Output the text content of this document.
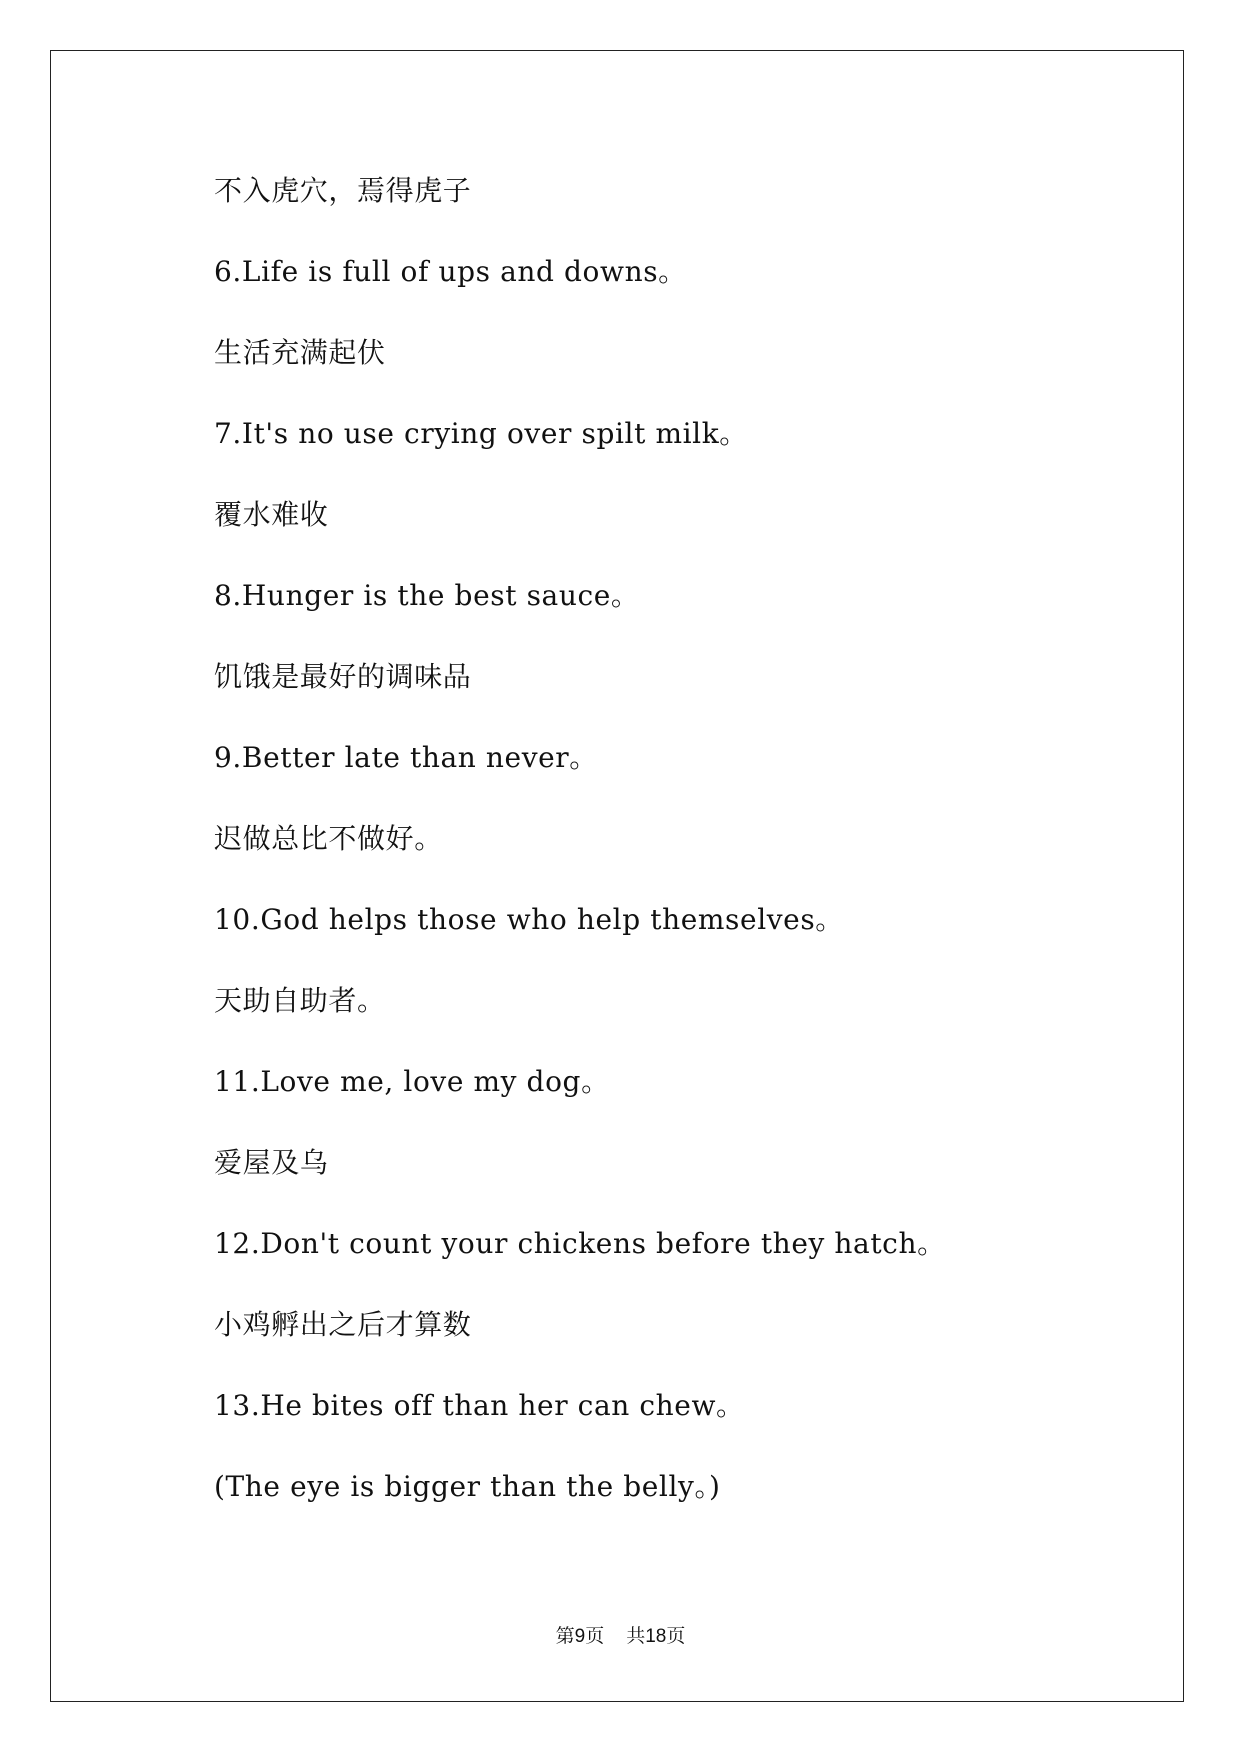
不入虎穴，焉得虎子

6.Life is full of ups and downs。

生活充满起伏

7.It's no use crying over spilt milk。

覆水难收

8.Hunger is the best sauce。

饥饿是最好的调味品

9.Better late than never。

迟做总比不做好。

10.God helps those who help themselves。

天助自助者。

11.Love me, love my dog。

爱屋及乌

12.Don't count your chickens before they hatch。

小鸡孵出之后才算数

13.He bites off than her can chew。

(The eye is bigger than the belly。)

第9页 共18页
